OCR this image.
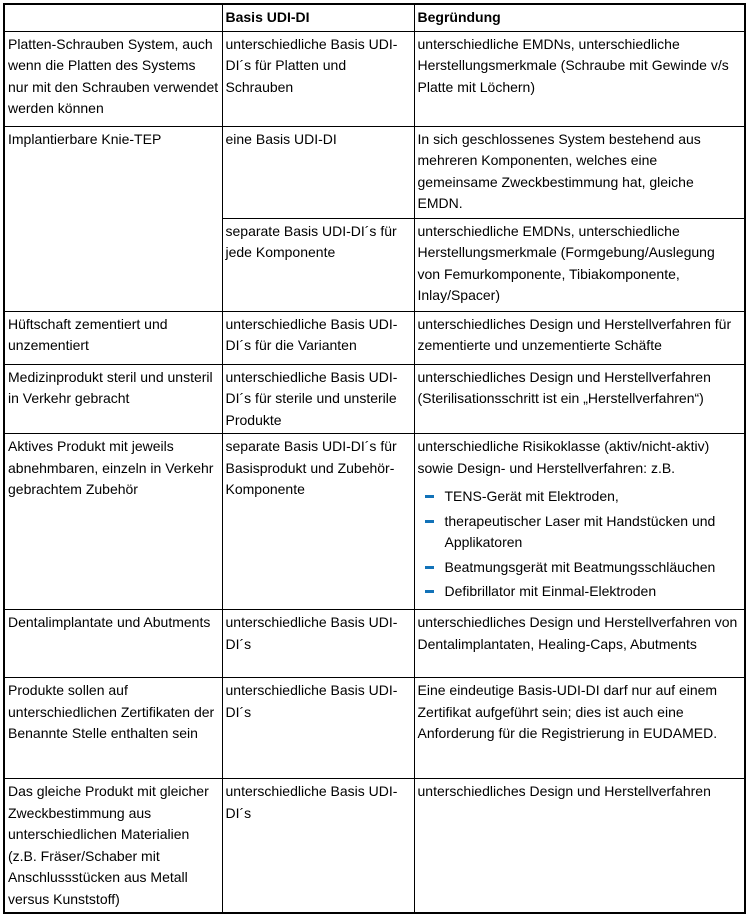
	Basis UDI-DI	Begründung
Platten-Schrauben System, auch wenn die Platten des Systems nur mit den Schrauben verwendet werden können	unterschiedliche Basis UDI-DI´s für Platten und Schrauben	unterschiedliche EMDNs, unterschiedliche Herstellungsmerkmale (Schraube mit Gewinde v/s Platte mit Löchern)
Implantierbare Knie-TEP	eine Basis UDI-DI	In sich geschlossenes System bestehend aus mehreren Komponenten, welches eine gemeinsame Zweckbestimmung hat, gleiche EMDN.
	separate Basis UDI-DI´s für jede Komponente	unterschiedliche EMDNs, unterschiedliche Herstellungsmerkmale (Formgebung/Auslegung von Femurkomponente, Tibiakomponente, Inlay/Spacer)
Hüftschaft zementiert und unzementiert	unterschiedliche Basis UDI-DI´s für die Varianten	unterschiedliches Design und Herstellverfahren für zementierte und unzementierte Schäfte
Medizinprodukt steril und unsteril in Verkehr gebracht	unterschiedliche Basis UDI-DI´s für sterile und unsterile Produkte	unterschiedliches Design und Herstellverfahren (Sterilisationsschritt ist ein „Herstellverfahren“)
Aktives Produkt mit jeweils abnehmbaren, einzeln in Verkehr gebrachtem Zubehör	separate Basis UDI-DI´s für Basisprodukt und Zubehör-Komponente	unterschiedliche Risikoklasse (aktiv/nicht-aktiv) sowie Design- und Herstellverfahren: z.B.
TENS-Gerät mit Elektroden,
therapeutischer Laser mit Handstücken und Applikatoren
Beatmungsgerät mit Beatmungsschläuchen
Defibrillator mit Einmal-Elektroden

Dentalimplantate und Abutments	unterschiedliche Basis UDI-DI´s	unterschiedliches Design und Herstellverfahren von Dentalimplantaten, Healing-Caps, Abutments
Produkte sollen auf unterschiedlichen Zertifikaten der Benannte Stelle enthalten sein	unterschiedliche Basis UDI-DI´s	Eine eindeutige Basis-UDI-DI darf nur auf einem Zertifikat aufgeführt sein; dies ist auch eine Anforderung für die Registrierung in EUDAMED.
Das gleiche Produkt mit gleicher Zweckbestimmung aus unterschiedlichen Materialien (z.B. Fräser/Schaber mit Anschlussstücken aus Metall versus Kunststoff)	unterschiedliche Basis UDI-DI´s	unterschiedliches Design und Herstellverfahren
